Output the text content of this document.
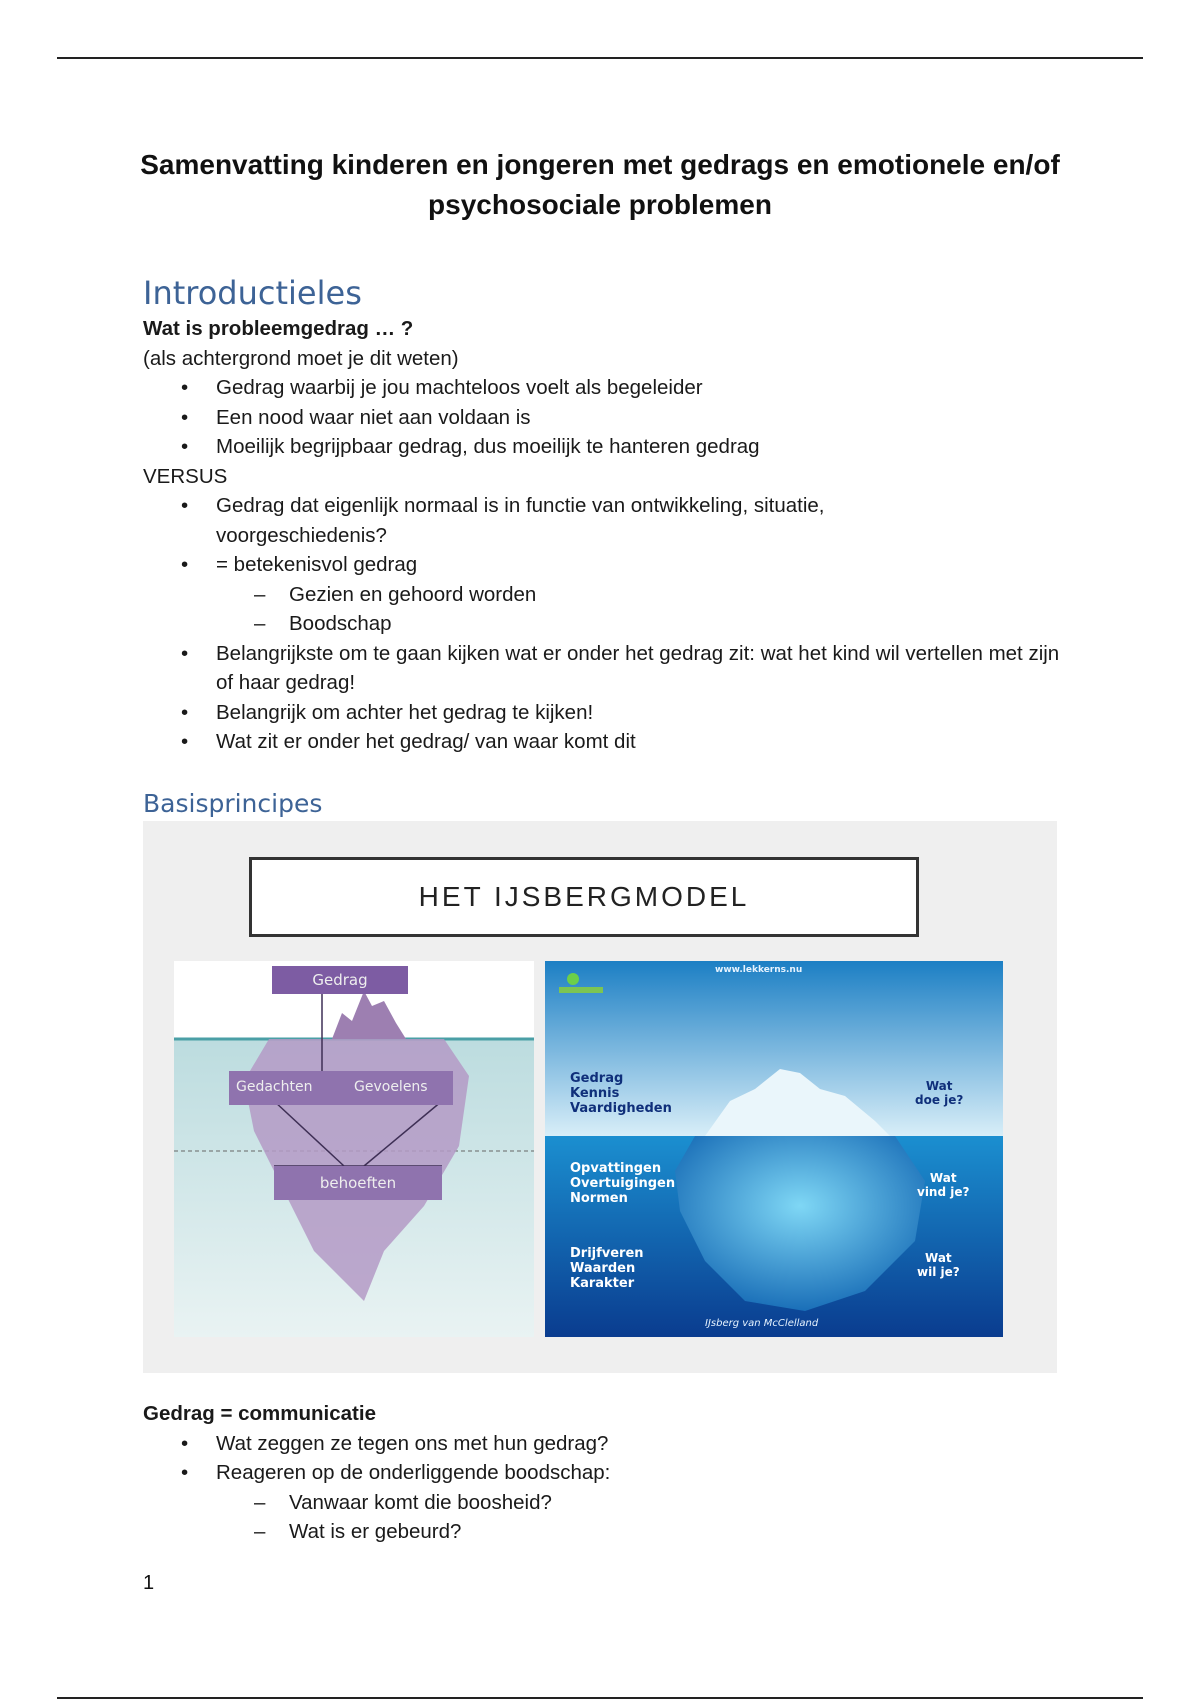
Samenvatting kinderen en jongeren met gedrags en emotionele en/of psychosociale problemen
Introductieles
Wat is probleemgedrag … ?
(als achtergrond moet je dit weten)
• Gedrag waarbij je jou machteloos voelt als begeleider
• Een nood waar niet aan voldaan is
• Moeilijk begrijpbaar gedrag, dus moeilijk te hanteren gedrag
VERSUS
• Gedrag dat eigenlijk normaal is in functie van ontwikkeling, situatie, voorgeschiedenis?
• = betekenisvol gedrag
– Gezien en gehoord worden
– Boodschap
• Belangrijkste om te gaan kijken wat er onder het gedrag zit: wat het kind wil vertellen met zijn of haar gedrag!
• Belangrijk om achter het gedrag te kijken!
• Wat zit er onder het gedrag/ van waar komt dit
Basisprincipes
HET IJSBERGMODEL
Gedrag
Gedachten	Gevoelens
behoeften
www.lekkerns.nu
Gedrag
Kennis
Vaardigheden
Wat
doe je?
Opvattingen
Overtuigingen
Normen
Wat
vind je?
Drijfveren
Waarden
Karakter
Wat
wil je?
IJsberg van McClelland
Gedrag = communicatie
• Wat zeggen ze tegen ons met hun gedrag?
• Reageren op de onderliggende boodschap:
– Vanwaar komt die boosheid?
– Wat is er gebeurd?
1
